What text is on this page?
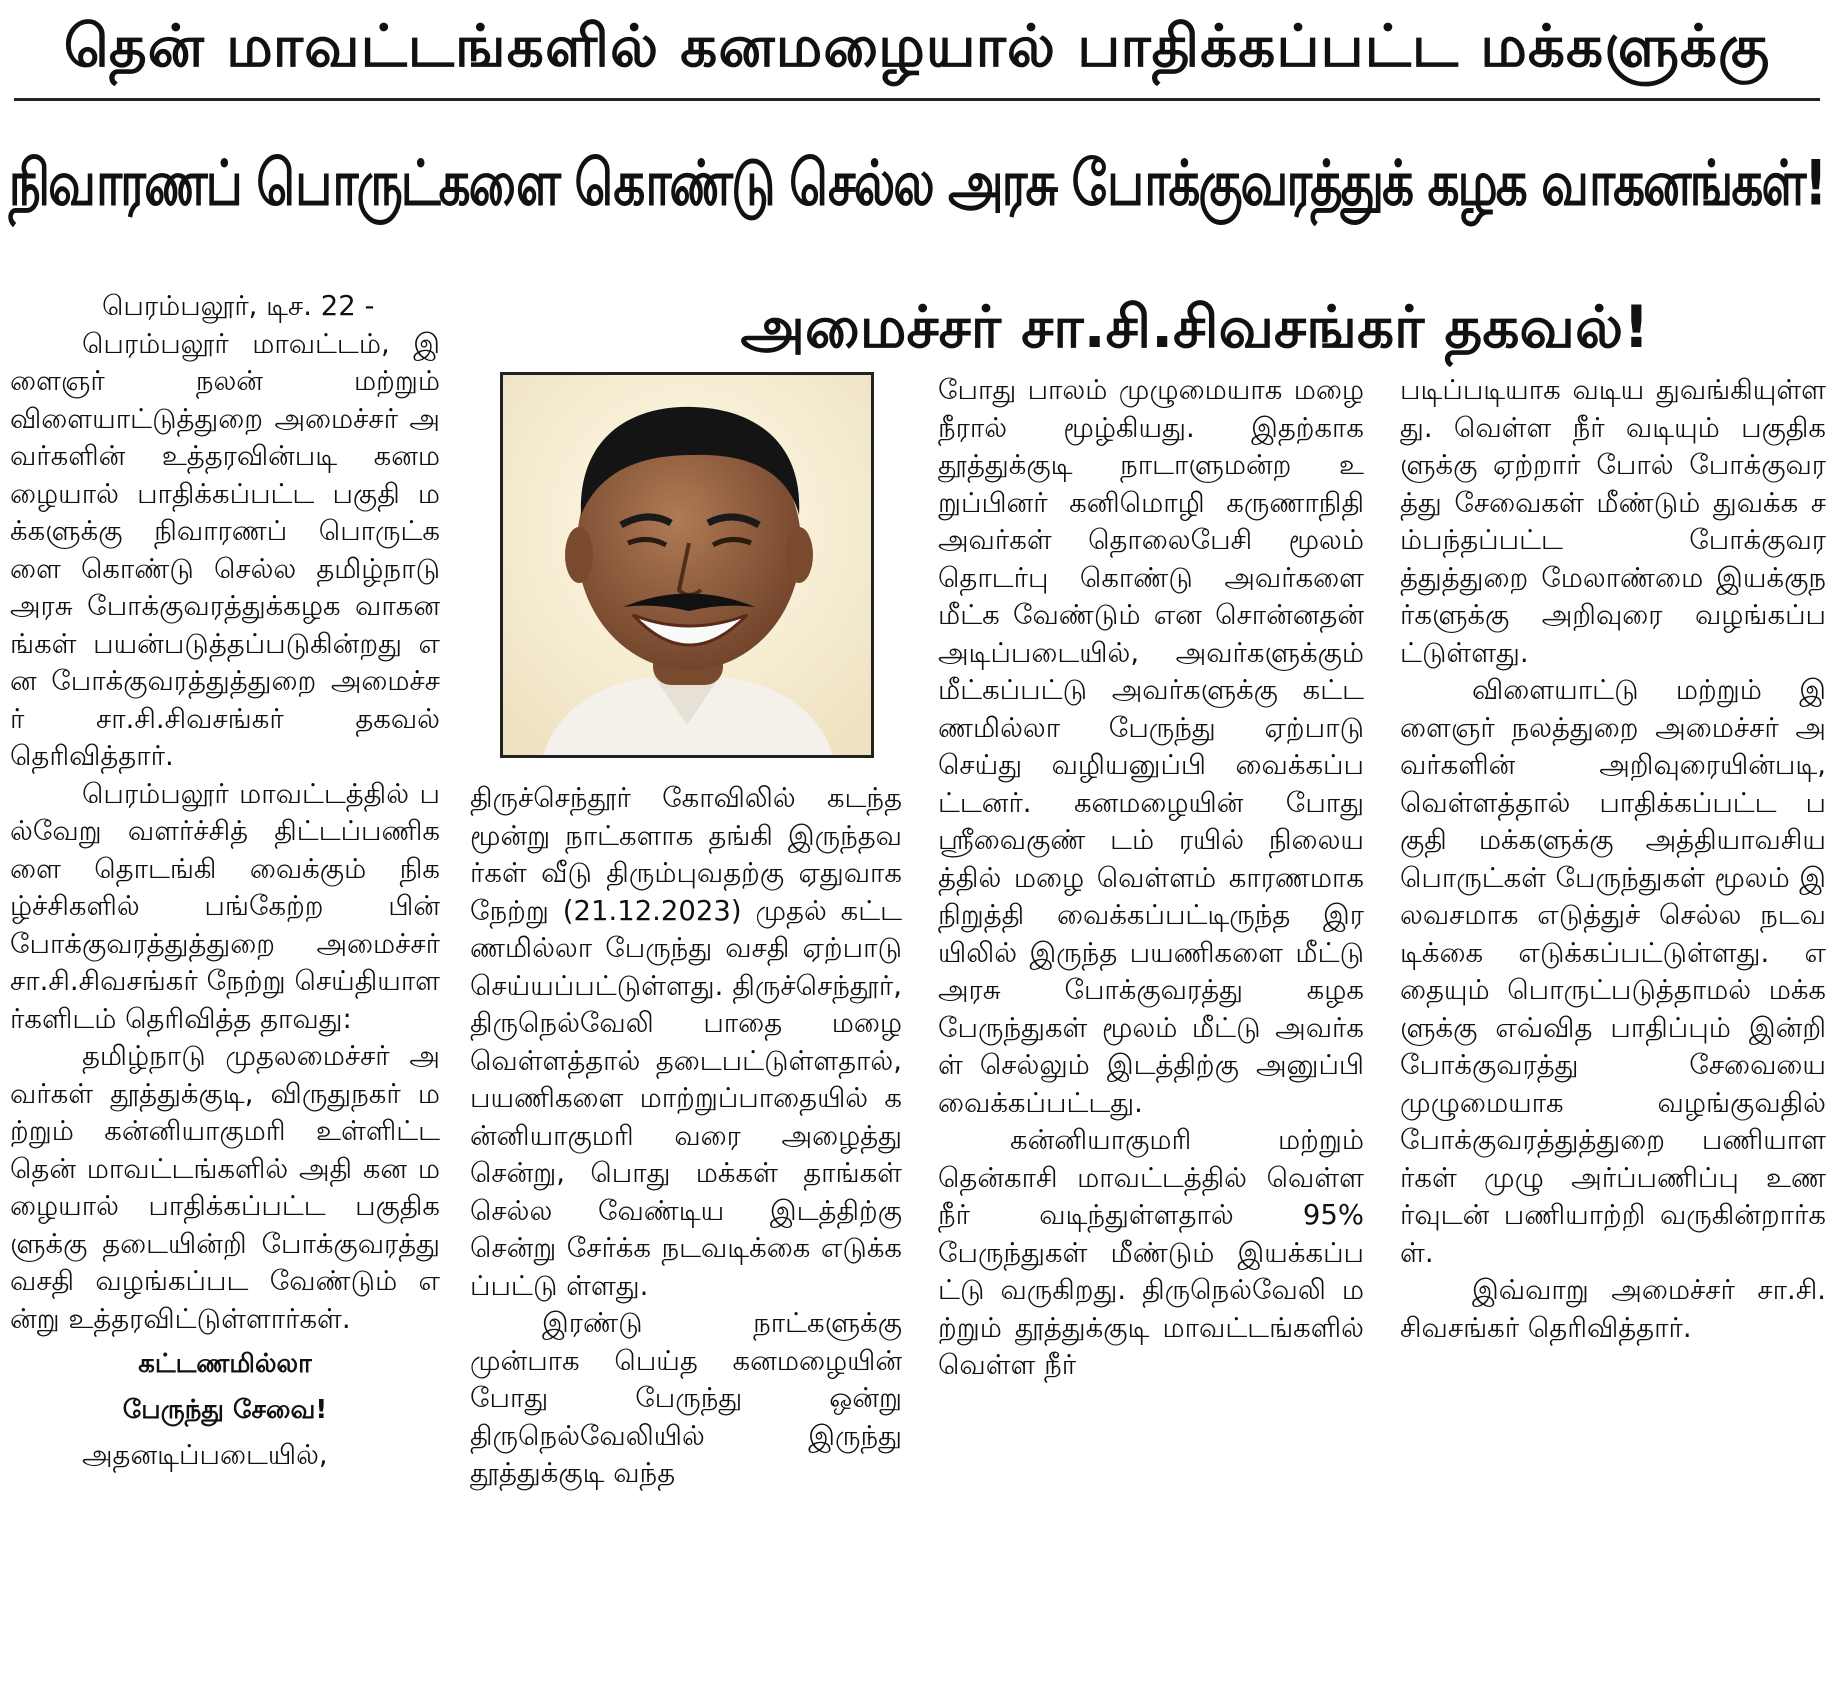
தென் மாவட்டங்களில் கனமழையால் பாதிக்கப்பட்ட மக்களுக்கு
நிவாரணப் பொருட்களை கொண்டு செல்ல அரசு போக்குவரத்துக் கழக வாகனங்கள்!
அமைச்சர் சா.சி.சிவசங்கர் தகவல்!

பெரம்பலூர், டிச. 22 -

பெரம்பலூர் மாவட்டம், இளைஞர் நலன் மற்றும் விளையாட்டுத்துறை அமைச்சர் அவர்களின் உத்தரவின்படி கனமழையால் பாதிக்கப்பட்ட பகுதி மக்களுக்கு நிவாரணப் பொருட்களை கொண்டு செல்ல தமிழ்நாடு அரசு போக்குவரத்துக்கழக வாகனங்கள் பயன்படுத்தப்படுகின்றது என போக்குவரத்துத்துறை அமைச்சர் சா.சி.சிவசங்கர் தகவல் தெரிவித்தார்.

பெரம்பலூர் மாவட்டத்தில் பல்வேறு வளர்ச்சித் திட்டப்பணிகளை தொடங்கி வைக்கும் நிகழ்ச்சிகளில் பங்கேற்ற பின் போக்குவரத்துத்துறை அமைச்சர் சா.சி.சிவசங்கர் நேற்று செய்தியாளர்களிடம் தெரிவித்த தாவது:

தமிழ்நாடு முதலமைச்சர் அவர்கள் தூத்துக்குடி, விருதுநகர் மற்றும் கன்னியாகுமரி உள்ளிட்ட தென் மாவட்டங்களில் அதி கன மழையால் பாதிக்கப்பட்ட பகுதிகளுக்கு தடையின்றி போக்குவரத்து வசதி வழங்கப்பட வேண்டும் என்று உத்தரவிட்டுள்ளார்கள்.

கட்டணமில்லா

பேருந்து சேவை!

அதனடிப்படையில்,

திருச்செந்தூர் கோவிலில் கடந்த மூன்று நாட்களாக தங்கி இருந்தவர்கள் வீடு திரும்புவதற்கு ஏதுவாக நேற்று (21.12.2023) முதல் கட்டணமில்லா பேருந்து வசதி ஏற்பாடு செய்யப்பட்டுள்ளது. திருச்செந்தூர், திருநெல்வேலி பாதை மழை வெள்ளத்தால் தடைபட்டுள்ளதால், பயணிகளை மாற்றுப்பாதையில் கன்னியாகுமரி வரை அழைத்து சென்று, பொது மக்கள் தாங்கள் செல்ல வேண்டிய இடத்திற்கு சென்று சேர்க்க நடவடிக்கை எடுக்கப்பட்டு ள்ளது.

இரண்டு நாட்களுக்கு முன்பாக பெய்த கனமழையின் போது பேருந்து ஒன்று திருநெல்வேலியில் இருந்து தூத்துக்குடி வந்த

போது பாலம் முழுமையாக மழை நீரால் மூழ்கியது. இதற்காக தூத்துக்குடி நாடாளுமன்ற உறுப்பினர் கனிமொழி கருணாநிதி அவர்கள் தொலைபேசி மூலம் தொடர்பு கொண்டு அவர்களை மீட்க வேண்டும் என சொன்னதன் அடிப்படையில், அவர்களுக்கும் மீட்கப்பட்டு அவர்களுக்கு கட்டணமில்லா பேருந்து ஏற்பாடு செய்து வழியனுப்பி வைக்கப்பட்டனர். கனமழையின் போது ஸ்ரீவைகுண் டம் ரயில் நிலையத்தில் மழை வெள்ளம் காரணமாக நிறுத்தி வைக்கப்பட்டிருந்த இரயிலில் இருந்த பயணிகளை மீட்டு அரசு போக்குவரத்து கழக பேருந்துகள் மூலம் மீட்டு அவர்கள் செல்லும் இடத்திற்கு அனுப்பி வைக்கப்பட்டது.

கன்னியாகுமரி மற்றும் தென்காசி மாவட்டத்தில் வெள்ளநீர் வடிந்துள்ளதால் 95% பேருந்துகள் மீண்டும் இயக்கப்பட்டு வருகிறது. திருநெல்வேலி மற்றும் தூத்துக்குடி மாவட்டங்களில் வெள்ள நீர்

படிப்படியாக வடிய துவங்கியுள்ளது. வெள்ள நீர் வடியும் பகுதிகளுக்கு ஏற்றார் போல் போக்குவரத்து சேவைகள் மீண்டும் துவக்க சம்பந்தப்பட்ட போக்குவரத்துத்துறை மேலாண்மை இயக்குநர்களுக்கு அறிவுரை வழங்கப்பட்டுள்ளது.

விளையாட்டு மற்றும் இளைஞர் நலத்துறை அமைச்சர் அவர்களின் அறிவுரையின்படி, வெள்ளத்தால் பாதிக்கப்பட்ட பகுதி மக்களுக்கு அத்தியாவசிய பொருட்கள் பேருந்துகள் மூலம் இலவசமாக எடுத்துச் செல்ல நடவடிக்கை எடுக்கப்பட்டுள்ளது. எதையும் பொருட்படுத்தாமல் மக்களுக்கு எவ்வித பாதிப்பும் இன்றி போக்குவரத்து சேவையை முழுமையாக வழங்குவதில் போக்குவரத்துத்துறை பணியாளர்கள் முழு அர்ப்பணிப்பு உணர்வுடன் பணியாற்றி வருகின்றார்கள்.

இவ்வாறு அமைச்சர் சா.சி.சிவசங்கர் தெரிவித்தார்.
